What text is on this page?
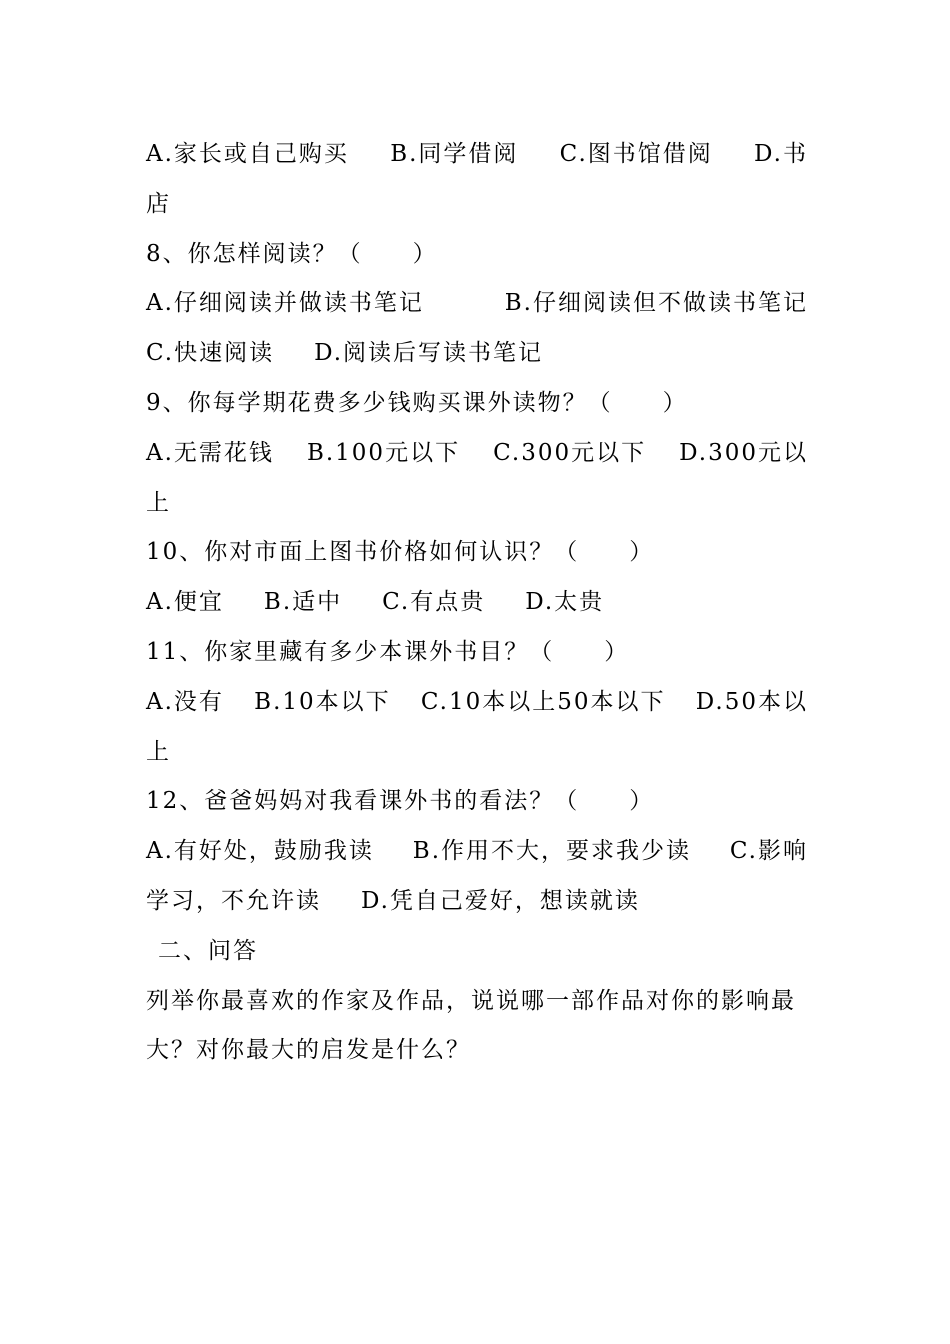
A.家长或自己购买 B.同学借阅 C.图书馆借阅 D.书
店
8、你怎样阅读？（　　）
A.仔细阅读并做读书笔记	B.仔细阅读但不做读书笔记
C.快速阅读 D.阅读后写读书笔记
9、你每学期花费多少钱购买课外读物？（　　）
A.无需花钱 B.100元以下 C.300元以下 D.300元以
上
10、你对市面上图书价格如何认识？（　　）
A.便宜 B.适中 C.有点贵 D.太贵
11、你家里藏有多少本课外书目？（　　）
A.没有 B.10本以下 C.10本以上50本以下 D.50本以
上
12、爸爸妈妈对我看课外书的看法？（　　）
A.有好处，鼓励我读 B.作用不大，要求我少读 C.影响
学习，不允许读 D.凭自己爱好，想读就读
二、问答
列举你最喜欢的作家及作品，说说哪一部作品对你的影响最
大？对你最大的启发是什么？
